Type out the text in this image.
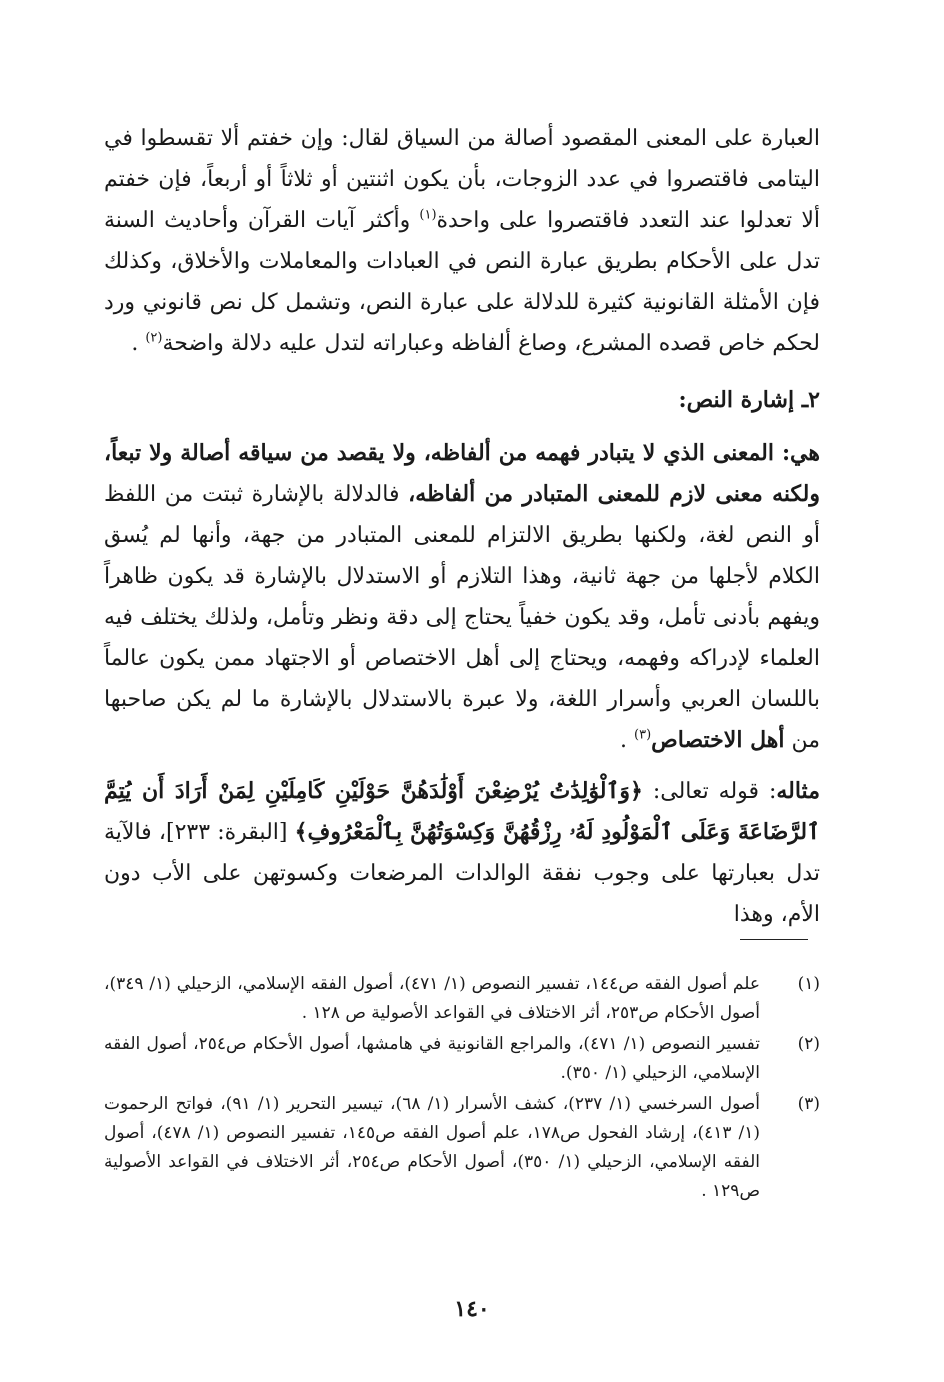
العبارة على المعنى المقصود أصالة من السياق لقال: وإن خفتم ألا تقسطوا في اليتامى فاقتصروا في عدد الزوجات، بأن يكون اثنتين أو ثلاثاً أو أربعاً، فإن خفتم ألا تعدلوا عند التعدد فاقتصروا على واحدة$^{(١)}$ وأكثر آيات القرآن وأحاديث السنة تدل على الأحكام بطريق عبارة النص في العبادات والمعاملات والأخلاق، وكذلك فإن الأمثلة القانونية كثيرة للدلالة على عبارة النص، وتشمل كل نص قانوني ورد لحكم خاص قصده المشرع، وصاغ ألفاظه وعباراته لتدل عليه دلالة واضحة$^{(٢)}$ .

٢ـ إشارة النص:

هي: المعنى الذي لا يتبادر فهمه من ألفاظه، ولا يقصد من سياقه أصالة ولا تبعاً، ولكنه معنى لازم للمعنى المتبادر من ألفاظه، فالدلالة بالإشارة ثبتت من اللفظ أو النص لغة، ولكنها بطريق الالتزام للمعنى المتبادر من جهة، وأنها لم يُسق الكلام لأجلها من جهة ثانية، وهذا التلازم أو الاستدلال بالإشارة قد يكون ظاهراً ويفهم بأدنى تأمل، وقد يكون خفياً يحتاج إلى دقة ونظر وتأمل، ولذلك يختلف فيه العلماء لإدراكه وفهمه، ويحتاج إلى أهل الاختصاص أو الاجتهاد ممن يكون عالماً باللسان العربي وأسرار اللغة، ولا عبرة بالاستدلال بالإشارة ما لم يكن صاحبها من أهل الاختصاص$^{(٣)}$ .

مثاله: قوله تعالى: ﴿وَٱلْوَٰلِدَٰتُ يُرْضِعْنَ أَوْلَٰدَهُنَّ حَوْلَيْنِ كَامِلَيْنِ لِمَنْ أَرَادَ أَن يُتِمَّ ٱلرَّضَاعَةَ وَعَلَى ٱلْمَوْلُودِ لَهُۥ رِزْقُهُنَّ وَكِسْوَتُهُنَّ بِٱلْمَعْرُوفِ﴾ [البقرة: ٢٣٣]، فالآية تدل بعبارتها على وجوب نفقة الوالدات المرضعات وكسوتهن على الأب دون الأم، وهذا

(١)
علم أصول الفقه ص١٤٤، تفسير النصوص (١/ ٤٧١)، أصول الفقه الإسلامي، الزحيلي (١/ ٣٤٩)، أصول الأحكام ص٢٥٣، أثر الاختلاف في القواعد الأصولية ص ١٢٨ .
(٢)
تفسير النصوص (١/ ٤٧١)، والمراجع القانونية في هامشها، أصول الأحكام ص٢٥٤، أصول الفقه الإسلامي، الزحيلي (١/ ٣٥٠).
(٣)
أصول السرخسي (١/ ٢٣٧)، كشف الأسرار (١/ ٦٨)، تيسير التحرير (١/ ٩١)، فواتح الرحموت (١/ ٤١٣)، إرشاد الفحول ص١٧٨، علم أصول الفقه ص١٤٥، تفسير النصوص (١/ ٤٧٨)، أصول الفقه الإسلامي، الزحيلي (١/ ٣٥٠)، أصول الأحكام ص٢٥٤، أثر الاختلاف في القواعد الأصولية ص١٢٩ .
١٤٠
